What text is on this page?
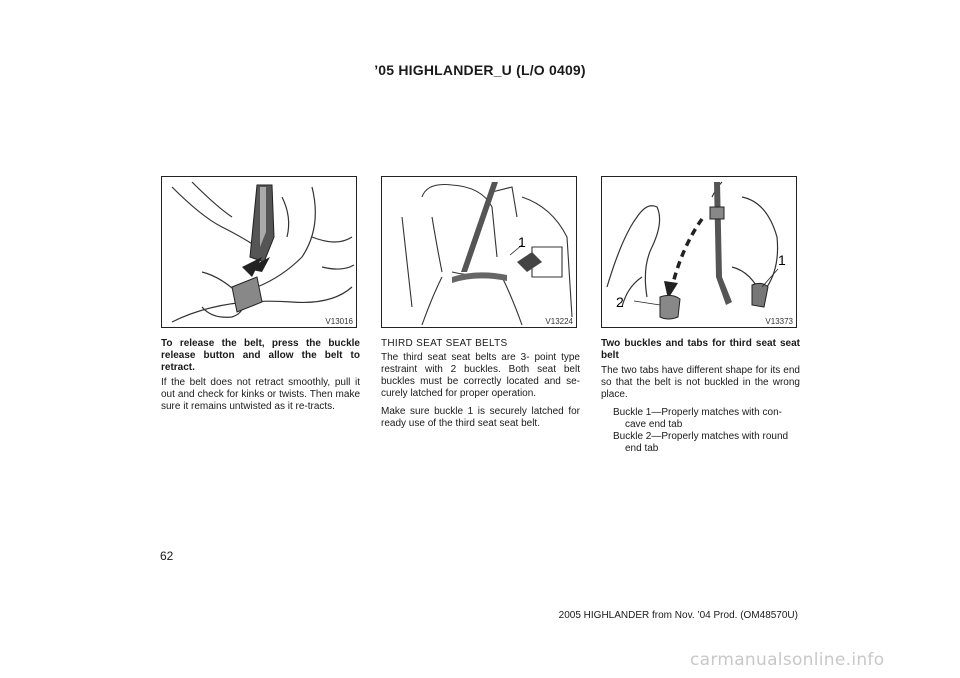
’05 HIGHLANDER_U (L/O 0409)
V13016
1
V13224
1
2
V13373

To release the belt, press the buckle release button and allow the belt to retract.

If the belt does not retract smoothly, pull it out and check for kinks or twists. Then make sure it remains untwisted as it re-tracts.

THIRD SEAT SEAT BELTS

The third seat seat belts are 3- point type restraint with 2 buckles. Both seat belt buckles must be correctly located and se-curely latched for proper operation.

Make sure buckle 1 is securely latched for ready use of the third seat seat belt.

Two buckles and tabs for third seat seat belt

The two tabs have different shape for its end so that the belt is not buckled in the wrong place.

Buckle 1—Properly matches with con-

cave end tab

Buckle 2—Properly matches with round

end tab

62
2005 HIGHLANDER from Nov. ’04 Prod. (OM48570U)
carmanualsonline.info
